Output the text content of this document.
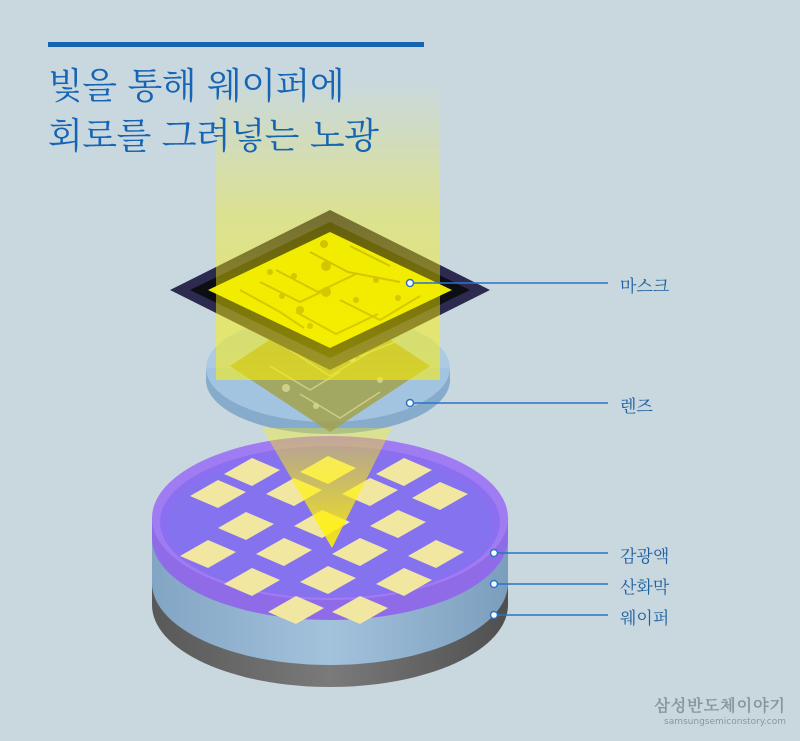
빛을 통해 웨이퍼에
회로를 그려넣는 노광
마스크
렌즈
감광액
산화막
웨이퍼
삼성반도체이야기
samsungsemiconstory.com
